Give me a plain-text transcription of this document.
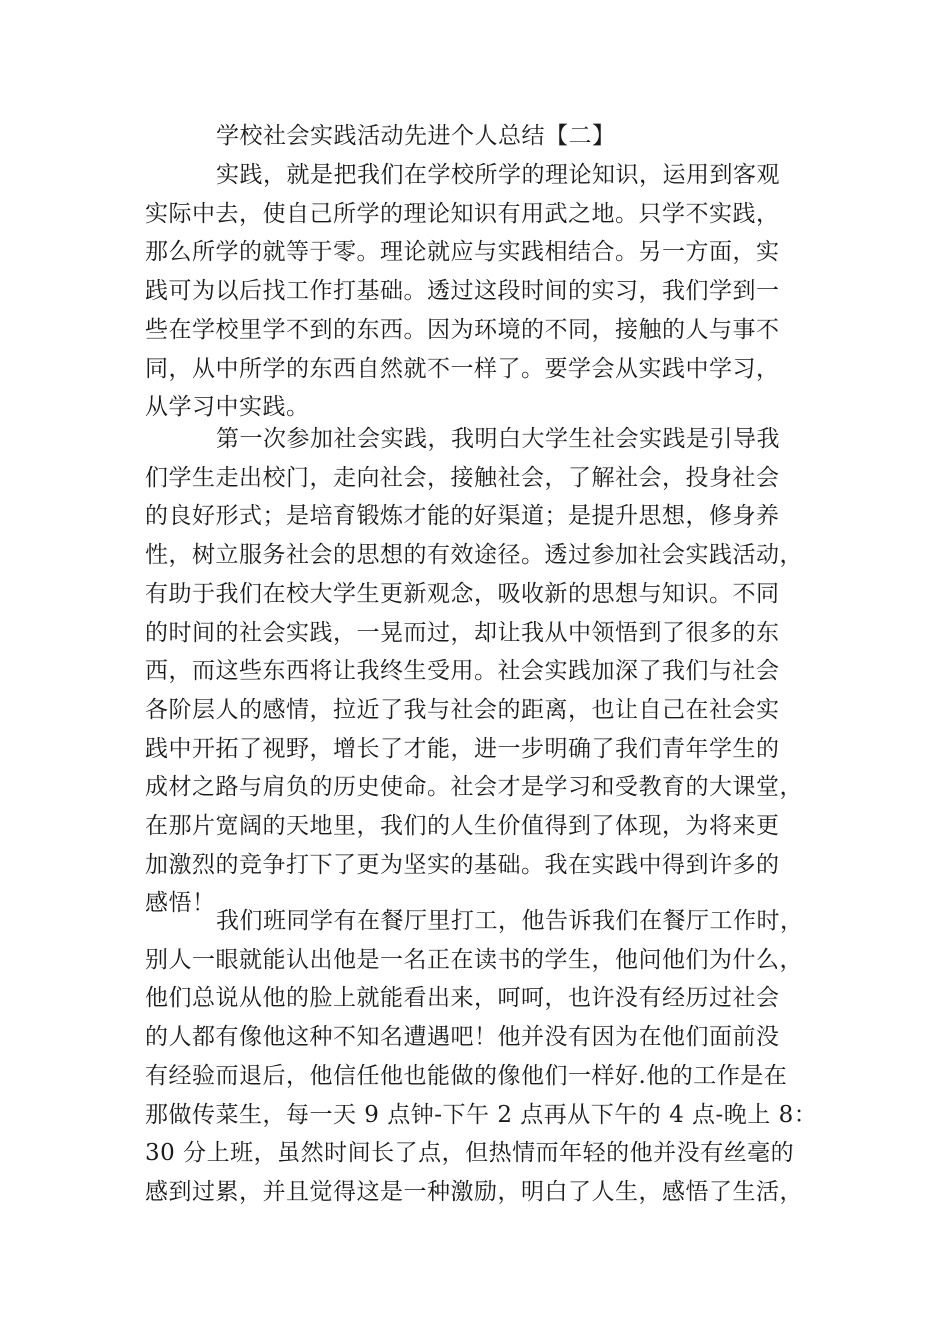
学校社会实践活动先进个人总结【二】

实践，就是把我们在学校所学的理论知识，运用到客观
实际中去，使自己所学的理论知识有用武之地。只学不实践，
那么所学的就等于零。理论就应与实践相结合。另一方面，实
践可为以后找工作打基础。透过这段时间的实习，我们学到一
些在学校里学不到的东西。因为环境的不同，接触的人与事不
同，从中所学的东西自然就不一样了。要学会从实践中学习，
从学习中实践。

第一次参加社会实践，我明白大学生社会实践是引导我
们学生走出校门，走向社会，接触社会，了解社会，投身社会
的良好形式；是培育锻炼才能的好渠道；是提升思想，修身养
性，树立服务社会的思想的有效途径。透过参加社会实践活动，
有助于我们在校大学生更新观念，吸收新的思想与知识。不同
的时间的社会实践，一晃而过，却让我从中领悟到了很多的东
西，而这些东西将让我终生受用。社会实践加深了我们与社会
各阶层人的感情，拉近了我与社会的距离，也让自己在社会实
践中开拓了视野，增长了才能，进一步明确了我们青年学生的
成材之路与肩负的历史使命。社会才是学习和受教育的大课堂，
在那片宽阔的天地里，我们的人生价值得到了体现，为将来更
加激烈的竞争打下了更为坚实的基础。我在实践中得到许多的
感悟！

我们班同学有在餐厅里打工，他告诉我们在餐厅工作时，
别人一眼就能认出他是一名正在读书的学生，他问他们为什么，
他们总说从他的脸上就能看出来，呵呵，也许没有经历过社会
的人都有像他这种不知名遭遇吧！他并没有因为在他们面前没
有经验而退后，他信任他也能做的像他们一样好.他的工作是在
那做传菜生，每一天 9 点钟-下午 2 点再从下午的 4 点-晚上 8：
30 分上班，虽然时间长了点，但热情而年轻的他并没有丝毫的
感到过累，并且觉得这是一种激励，明白了人生，感悟了生活，
